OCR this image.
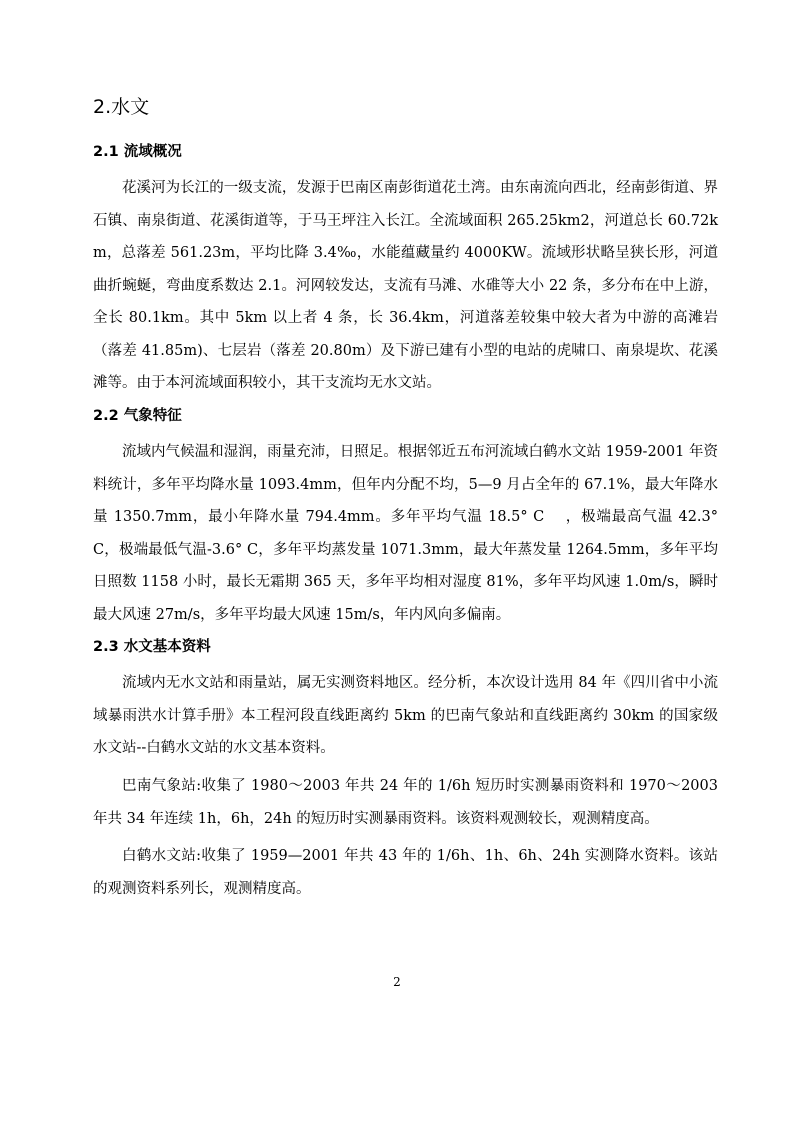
2.水文
2.1 流域概况

花溪河为长江的一级支流，发源于巴南区南彭街道花土湾。由东南流向西北，经南彭街道、界石镇、南泉街道、花溪街道等，于马王坪注入长江。全流域面积 265.25km2，河道总长 60.72km，总落差 561.23m，平均比降 3.4‰，水能蕴藏量约 4000KW。流域形状略呈狭长形，河道曲折蜿蜒，弯曲度系数达 2.1。河网较发达，支流有马滩、水碓等大小 22 条，多分布在中上游，全长 80.1km。其中 5km 以上者 4 条，长 36.4km，河道落差较集中较大者为中游的高滩岩（落差 41.85m)、七层岩（落差 20.80m）及下游已建有小型的电站的虎啸口、南泉堤坎、花溪滩等。由于本河流域面积较小，其干支流均无水文站。

2.2 气象特征

流域内气候温和湿润，雨量充沛，日照足。根据邻近五布河流域白鹤水文站 1959-2001 年资料统计，多年平均降水量 1093.4mm，但年内分配不均，5—9 月占全年的 67.1%，最大年降水量 1350.7mm，最小年降水量 794.4mm。多年平均气温 18.5° C　 ，极端最高气温 42.3° C，极端最低气温-3.6° C，多年平均蒸发量 1071.3mm，最大年蒸发量 1264.5mm，多年平均日照数 1158 小时，最长无霜期 365 天，多年平均相对湿度 81%，多年平均风速 1.0m/s，瞬时最大风速 27m/s，多年平均最大风速 15m/s，年内风向多偏南。

2.3 水文基本资料

流域内无水文站和雨量站，属无实测资料地区。经分析，本次设计选用 84 年《四川省中小流域暴雨洪水计算手册》本工程河段直线距离约 5km 的巴南气象站和直线距离约 30km 的国家级水文站--白鹤水文站的水文基本资料。

巴南气象站:收集了 1980～2003 年共 24 年的 1/6h 短历时实测暴雨资料和 1970～2003 年共 34 年连续 1h，6h，24h 的短历时实测暴雨资料。该资料观测较长，观测精度高。

白鹤水文站:收集了 1959—2001 年共 43 年的 1/6h、1h、6h、24h 实测降水资料。该站的观测资料系列长，观测精度高。

2
